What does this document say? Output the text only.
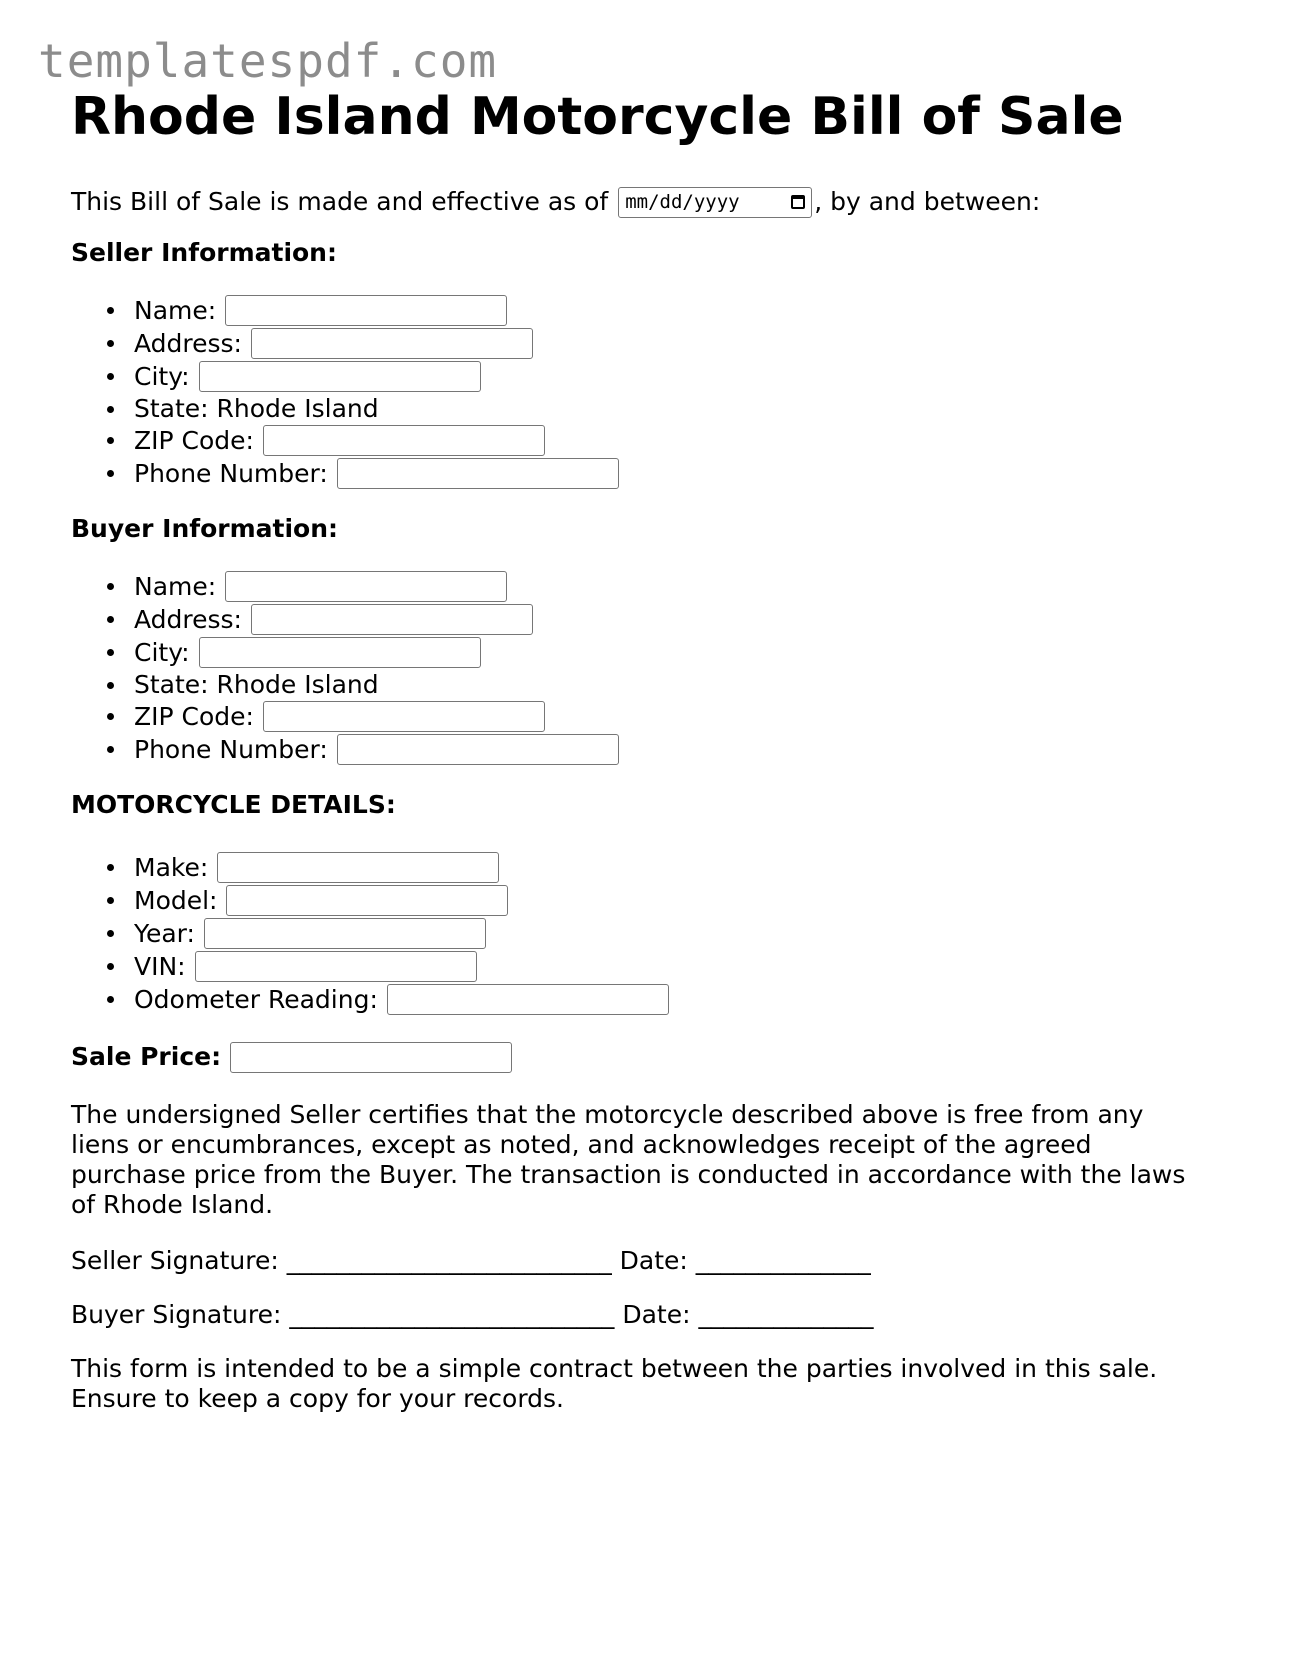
templatespdf.com
Rhode Island Motorcycle Bill of Sale
This Bill of Sale is made and effective as of mm/dd/yyyy	, by and between:
Seller Information:
Name:
Address:
City:
State: Rhode Island
ZIP Code:
Phone Number:
Buyer Information:
Name:
Address:
City:
State: Rhode Island
ZIP Code:
Phone Number:
MOTORCYCLE DETAILS:
Make:
Model:
Year:
VIN:
Odometer Reading:
Sale Price:

The undersigned Seller certifies that the motorcycle described above is free from any liens or encumbrances, except as noted, and acknowledges receipt of the agreed purchase price from the Buyer. The transaction is conducted in accordance with the laws of Rhode Island.

Seller Signature: __________________________ Date: ______________
Buyer Signature: __________________________ Date: ______________

This form is intended to be a simple contract between the parties involved in this sale. Ensure to keep a copy for your records.
